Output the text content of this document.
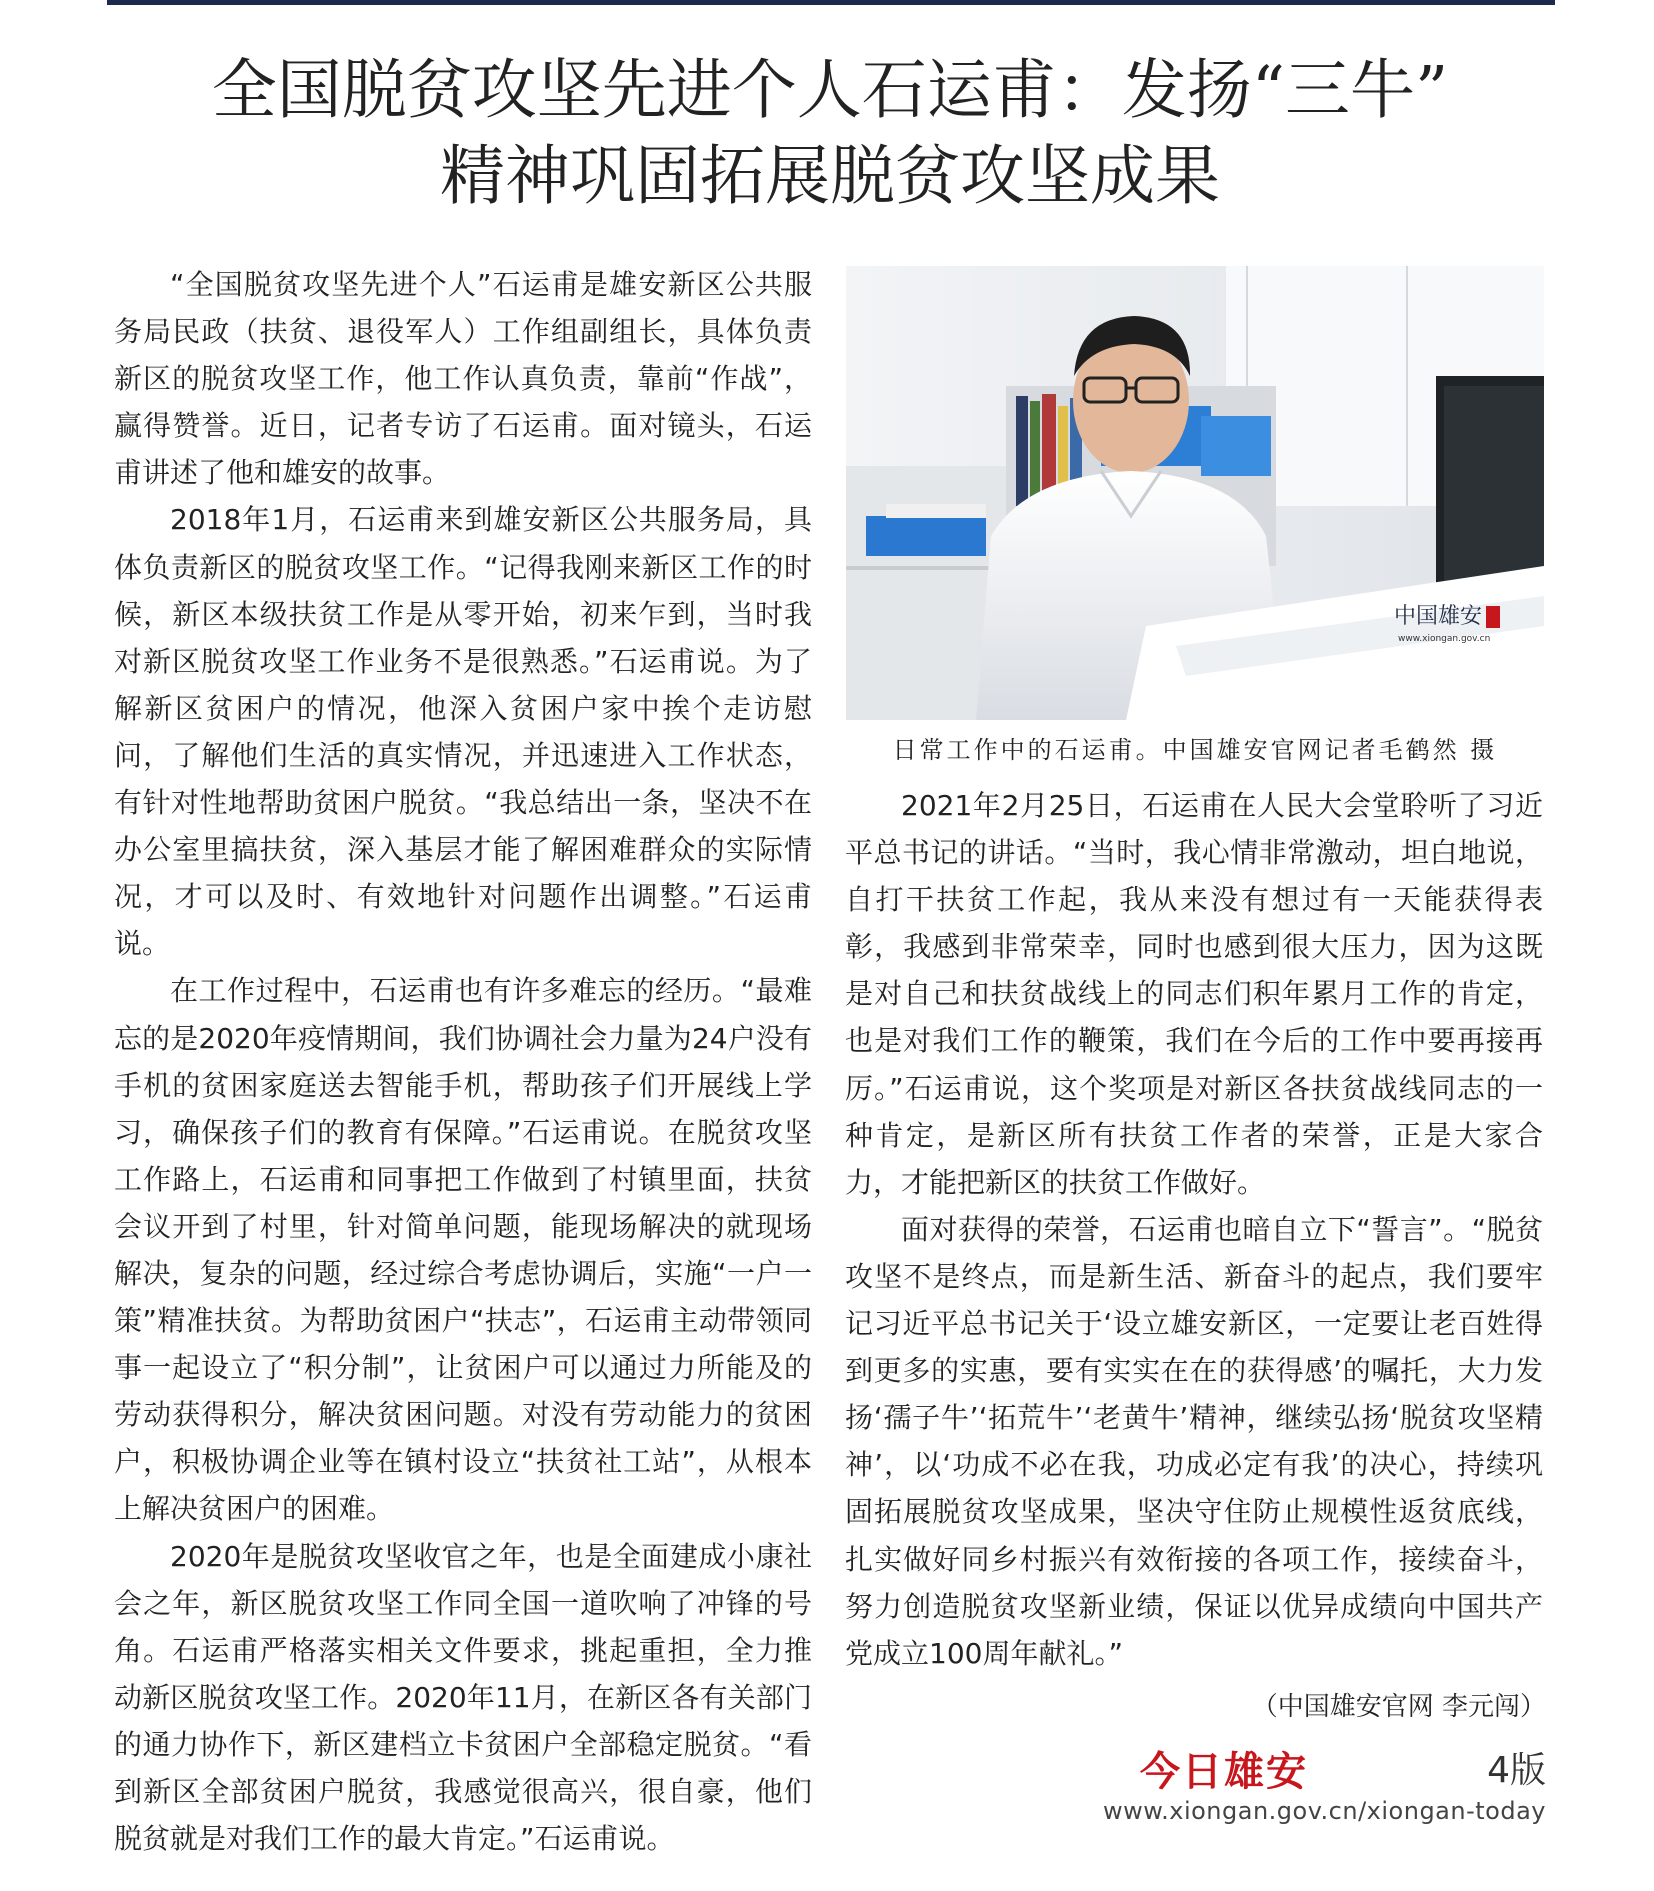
全国脱贫攻坚先进个人石运甫：发扬“三牛”
精神巩固拓展脱贫攻坚成果

“全国脱贫攻坚先进个人”石运甫是雄安新区公共服务局民政（扶贫、退役军人）工作组副组长，具体负责新区的脱贫攻坚工作，他工作认真负责，靠前“作战”，赢得赞誉。近日，记者专访了石运甫。面对镜头，石运甫讲述了他和雄安的故事。

2018年1月，石运甫来到雄安新区公共服务局，具体负责新区的脱贫攻坚工作。“记得我刚来新区工作的时候，新区本级扶贫工作是从零开始，初来乍到，当时我对新区脱贫攻坚工作业务不是很熟悉。”石运甫说。为了解新区贫困户的情况，他深入贫困户家中挨个走访慰问，了解他们生活的真实情况，并迅速进入工作状态，有针对性地帮助贫困户脱贫。“我总结出一条，坚决不在办公室里搞扶贫，深入基层才能了解困难群众的实际情况，才可以及时、有效地针对问题作出调整。”石运甫说。

在工作过程中，石运甫也有许多难忘的经历。“最难忘的是2020年疫情期间，我们协调社会力量为24户没有手机的贫困家庭送去智能手机，帮助孩子们开展线上学习，确保孩子们的教育有保障。”石运甫说。在脱贫攻坚工作路上，石运甫和同事把工作做到了村镇里面，扶贫会议开到了村里，针对简单问题，能现场解决的就现场解决，复杂的问题，经过综合考虑协调后，实施“一户一策”精准扶贫。为帮助贫困户“扶志”，石运甫主动带领同事一起设立了“积分制”，让贫困户可以通过力所能及的劳动获得积分，解决贫困问题。对没有劳动能力的贫困户，积极协调企业等在镇村设立“扶贫社工站”，从根本上解决贫困户的困难。

2020年是脱贫攻坚收官之年，也是全面建成小康社会之年，新区脱贫攻坚工作同全国一道吹响了冲锋的号角。石运甫严格落实相关文件要求，挑起重担，全力推动新区脱贫攻坚工作。2020年11月，在新区各有关部门的通力协作下，新区建档立卡贫困户全部稳定脱贫。“看到新区全部贫困户脱贫，我感觉很高兴，很自豪，他们脱贫就是对我们工作的最大肯定。”石运甫说。

中国雄安
www.xiongan.gov.cn
日常工作中的石运甫。中国雄安官网记者毛鹤然 摄

2021年2月25日，石运甫在人民大会堂聆听了习近平总书记的讲话。“当时，我心情非常激动，坦白地说，自打干扶贫工作起，我从来没有想过有一天能获得表彰，我感到非常荣幸，同时也感到很大压力，因为这既是对自己和扶贫战线上的同志们积年累月工作的肯定，也是对我们工作的鞭策，我们在今后的工作中要再接再厉。”石运甫说，这个奖项是对新区各扶贫战线同志的一种肯定，是新区所有扶贫工作者的荣誉，正是大家合力，才能把新区的扶贫工作做好。

面对获得的荣誉，石运甫也暗自立下“誓言”。“脱贫攻坚不是终点，而是新生活、新奋斗的起点，我们要牢记习近平总书记关于‘设立雄安新区，一定要让老百姓得到更多的实惠，要有实实在在的获得感’的嘱托，大力发扬‘孺子牛’‘拓荒牛’‘老黄牛’精神，继续弘扬‘脱贫攻坚精神’，以‘功成不必在我，功成必定有我’的决心，持续巩固拓展脱贫攻坚成果，坚决守住防止规模性返贫底线，扎实做好同乡村振兴有效衔接的各项工作，接续奋斗，努力创造脱贫攻坚新业绩，保证以优异成绩向中国共产党成立100周年献礼。”

（中国雄安官网 李元闯）
今日雄安	4版
www.xiongan.gov.cn/xiongan-today
